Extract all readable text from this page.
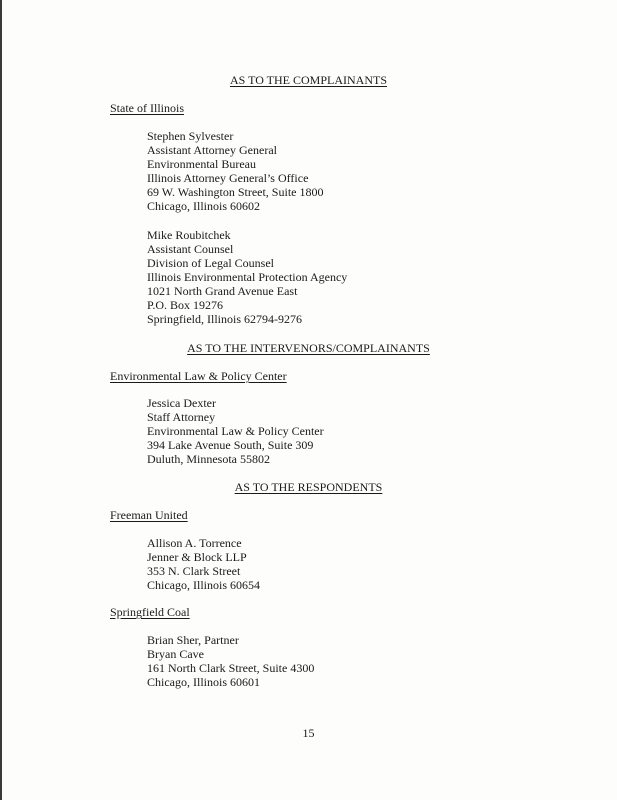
AS TO THE COMPLAINANTS
State of Illinois
Stephen Sylvester
Assistant Attorney General
Environmental Bureau
Illinois Attorney General’s Office
69 W. Washington Street, Suite 1800
Chicago, Illinois 60602
Mike Roubitchek
Assistant Counsel
Division of Legal Counsel
Illinois Environmental Protection Agency
1021 North Grand Avenue East
P.O. Box 19276
Springfield, Illinois 62794-9276
AS TO THE INTERVENORS/COMPLAINANTS
Environmental Law & Policy Center
Jessica Dexter
Staff Attorney
Environmental Law & Policy Center
394 Lake Avenue South, Suite 309
Duluth, Minnesota 55802
AS TO THE RESPONDENTS
Freeman United
Allison A. Torrence
Jenner & Block LLP
353 N. Clark Street
Chicago, Illinois 60654
Springfield Coal
Brian Sher, Partner
Bryan Cave
161 North Clark Street, Suite 4300
Chicago, Illinois 60601
15
